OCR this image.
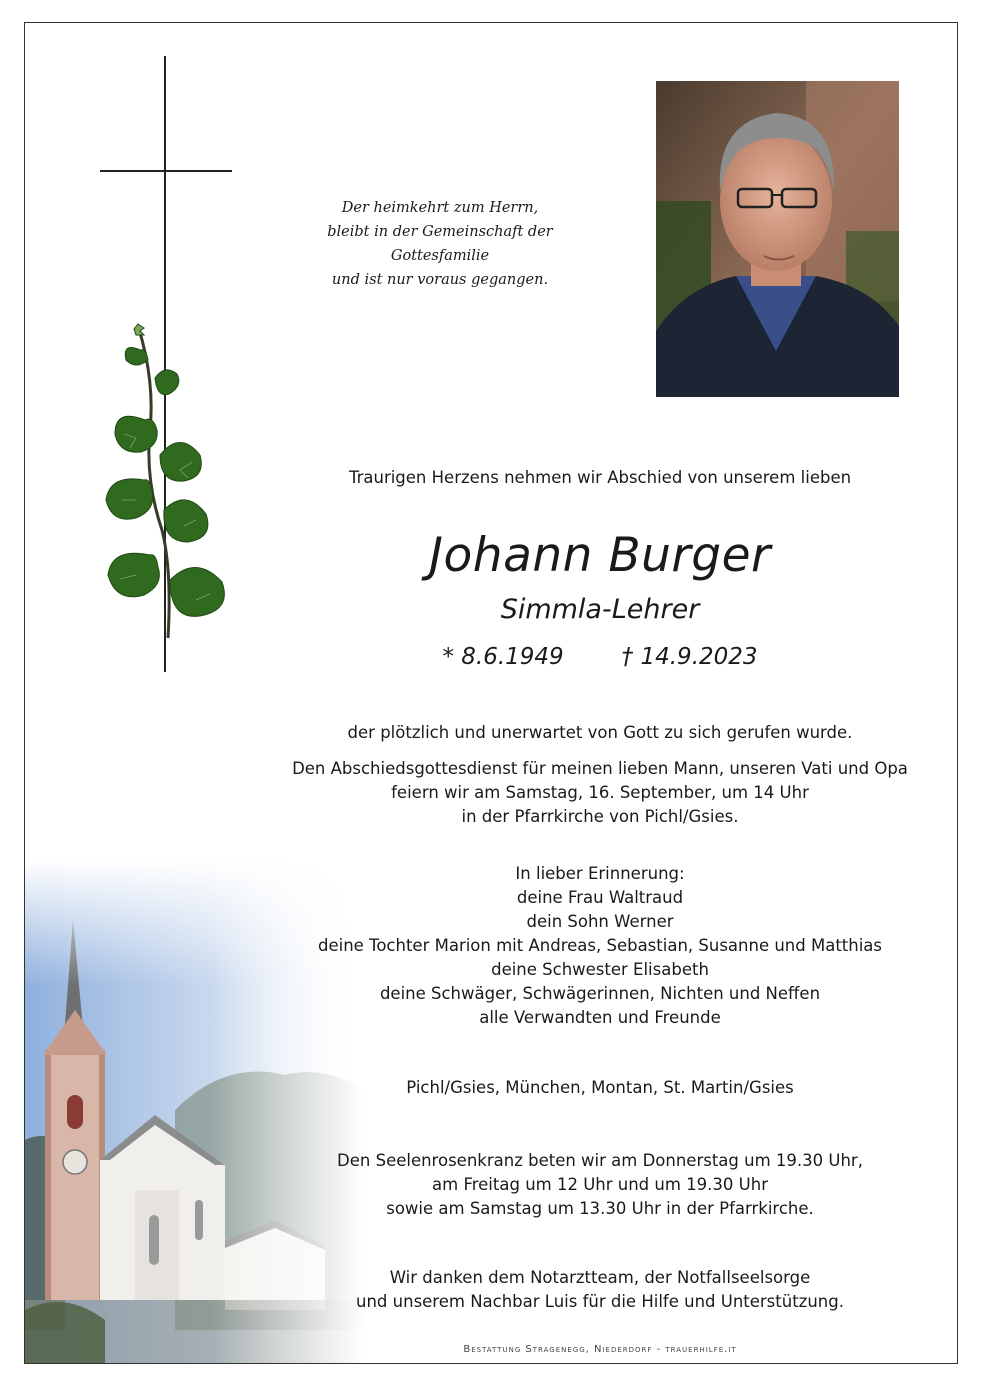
Der heimkehrt zum Herrn,
bleibt in der Gemeinschaft der Gottesfamilie
und ist nur voraus gegangen.
Traurigen Herzens nehmen wir Abschied von unserem lieben
Johann Burger
Simmla-Lehrer
* 8.6.1949	† 14.9.2023
der plötzlich und unerwartet von Gott zu sich gerufen wurde.
Den Abschiedsgottesdienst für meinen lieben Mann, unseren Vati und Opa
feiern wir am Samstag, 16. September, um 14 Uhr
in der Pfarrkirche von Pichl/Gsies.
In lieber Erinnerung:
deine Frau Waltraud
dein Sohn Werner
deine Tochter Marion mit Andreas, Sebastian, Susanne und Matthias
deine Schwester Elisabeth
deine Schwäger, Schwägerinnen, Nichten und Neffen
alle Verwandten und Freunde
Pichl/Gsies, München, Montan, St. Martin/Gsies
Den Seelenrosenkranz beten wir am Donnerstag um 19.30 Uhr,
am Freitag um 12 Uhr und um 19.30 Uhr
sowie am Samstag um 13.30 Uhr in der Pfarrkirche.
Wir danken dem Notarztteam, der Notfallseelsorge
und unserem Nachbar Luis für die Hilfe und Unterstützung.
Bestattung Stragenegg, Niederdorf - trauerhilfe.it
